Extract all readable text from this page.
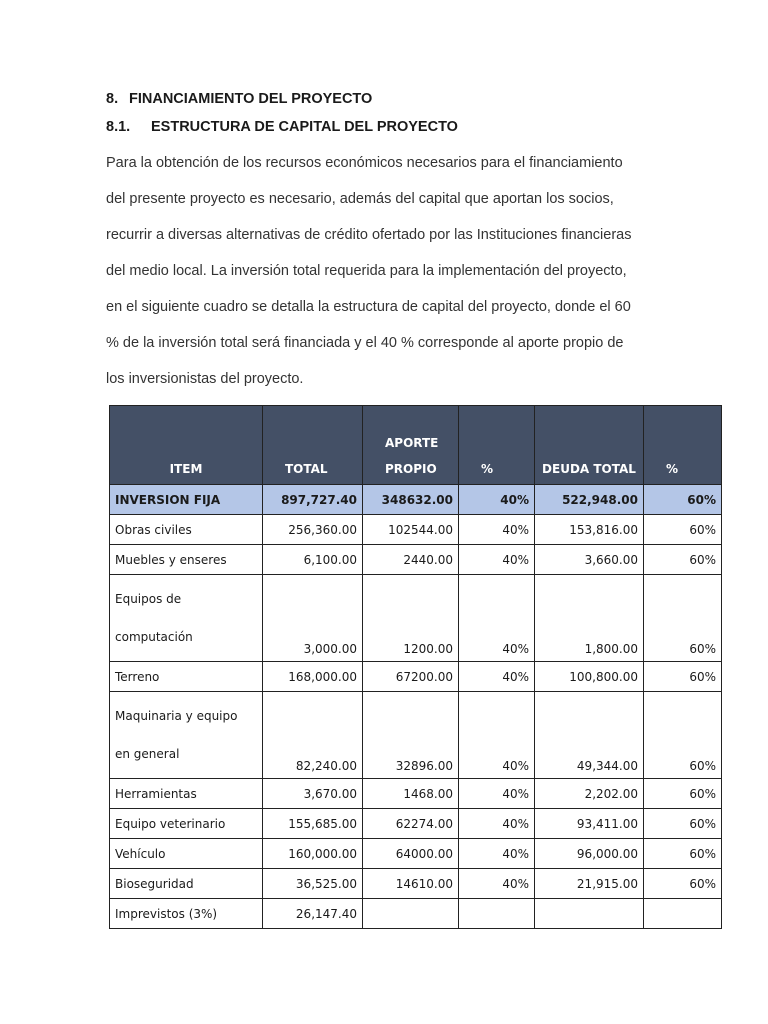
8. FINANCIAMIENTO DEL PROYECTO
8.1. ESTRUCTURA DE CAPITAL DEL PROYECTO
Para la obtención de los recursos económicos necesarios para el financiamiento
del presente proyecto es necesario, además del capital que aportan los socios,
recurrir a diversas alternativas de crédito ofertado por las Instituciones financieras
del medio local. La inversión total requerida para la implementación del proyecto,
en el siguiente cuadro se detalla la estructura de capital del proyecto, donde el 60
% de la inversión total será financiada y el 40 % corresponde al aporte propio de
los inversionistas del proyecto.
ITEM	TOTAL	APORTE
PROPIO	%	DEUDA TOTAL	%
INVERSION FIJA	897,727.40	348632.00	40%	522,948.00	60%
Obras civiles	256,360.00	102544.00	40%	153,816.00	60%
Muebles y enseres	6,100.00	2440.00	40%	3,660.00	60%

Equipos de
computación	3,000.00	1200.00	40%	1,800.00	60%
Terreno	168,000.00	67200.00	40%	100,800.00	60%

Maquinaria y equipo
en general	82,240.00	32896.00	40%	49,344.00	60%
Herramientas	3,670.00	1468.00	40%	2,202.00	60%
Equipo veterinario	155,685.00	62274.00	40%	93,411.00	60%
Vehículo	160,000.00	64000.00	40%	96,000.00	60%
Bioseguridad	36,525.00	14610.00	40%	21,915.00	60%
Imprevistos (3%)	26,147.40				
